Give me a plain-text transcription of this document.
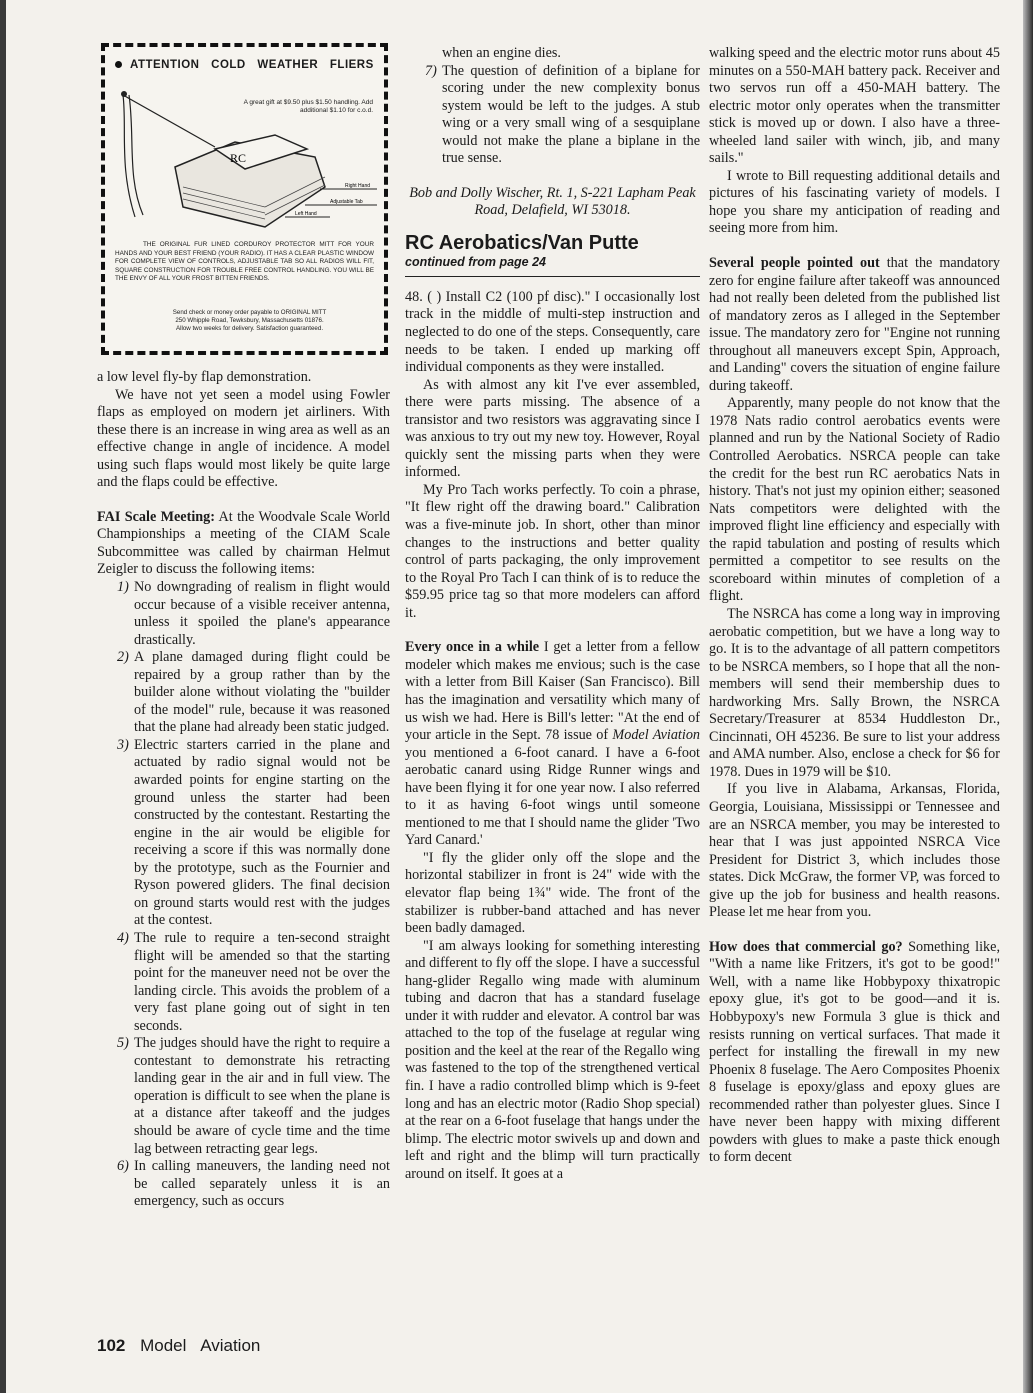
ATTENTION COLD WEATHER FLIERS
A great gift at $9.50 plus $1.50 handling. Add additional $1.10 for c.o.d.
RC
Right Hand
Adjustable Tab
Left Hand
THE ORIGINAL FUR LINED CORDUROY PROTECTOR MITT FOR YOUR HANDS AND YOUR BEST FRIEND (YOUR RADIO). IT HAS A CLEAR PLASTIC WINDOW FOR COMPLETE VIEW OF CONTROLS, ADJUSTABLE TAB SO ALL RADIOS WILL FIT, SQUARE CONSTRUCTION FOR TROUBLE FREE CONTROL HANDLING. YOU WILL BE THE ENVY OF ALL YOUR FROST BITTEN FRIENDS.
Send check or money order payable to ORIGINAL MITT
250 Whipple Road, Tewksbury, Massachusetts 01876.
Allow two weeks for delivery. Satisfaction guaranteed.

a low level fly-by flap demonstration.

We have not yet seen a model using Fowler flaps as employed on modern jet airliners. With these there is an increase in wing area as well as an effective change in angle of incidence. A model using such flaps would most likely be quite large and the flaps could be effective.

FAI Scale Meeting: At the Woodvale Scale World Championships a meeting of the CIAM Scale Subcommittee was called by chairman Helmut Zeigler to discuss the following items:

1) No downgrading of realism in flight would occur because of a visible receiver antenna, unless it spoiled the plane's appearance drastically.
2) A plane damaged during flight could be repaired by a group rather than by the builder alone without violating the "builder of the model" rule, because it was reasoned that the plane had already been static judged.
3) Electric starters carried in the plane and actuated by radio signal would not be awarded points for engine starting on the ground unless the starter had been constructed by the contestant. Restarting the engine in the air would be eligible for receiving a score if this was normally done by the prototype, such as the Fournier and Ryson powered gliders. The final decision on ground starts would rest with the judges at the contest.
4) The rule to require a ten-second straight flight will be amended so that the starting point for the maneuver need not be over the landing circle. This avoids the problem of a very fast plane going out of sight in ten seconds.
5) The judges should have the right to require a contestant to demonstrate his retracting landing gear in the air and in full view. The operation is difficult to see when the plane is at a distance after takeoff and the judges should be aware of cycle time and the time lag between retracting gear legs.
6) In calling maneuvers, the landing need not be called separately unless it is an emergency, such as occurs

when an engine dies.

7) The question of definition of a biplane for scoring under the new complexity bonus system would be left to the judges. A stub wing or a very small wing of a sesquiplane would not make the plane a biplane in the true sense.
Bob and Dolly Wischer, Rt. 1, S-221 Lapham Peak Road, Delafield, WI 53018.
RC Aerobatics/Van Putte
continued from page 24

48. ( ) Install C2 (100 pf disc)." I occasionally lost track in the middle of multi-step instruction and neglected to do one of the steps. Consequently, care needs to be taken. I ended up marking off individual components as they were installed.

As with almost any kit I've ever assembled, there were parts missing. The absence of a transistor and two resistors was aggravating since I was anxious to try out my new toy. However, Royal quickly sent the missing parts when they were informed.

My Pro Tach works perfectly. To coin a phrase, "It flew right off the drawing board." Calibration was a five-minute job. In short, other than minor changes to the instructions and better quality control of parts packaging, the only improvement to the Royal Pro Tach I can think of is to reduce the $59.95 price tag so that more modelers can afford it.

Every once in a while I get a letter from a fellow modeler which makes me envious; such is the case with a letter from Bill Kaiser (San Francisco). Bill has the imagination and versatility which many of us wish we had. Here is Bill's letter: "At the end of your article in the Sept. 78 issue of Model Aviation you mentioned a 6-foot canard. I have a 6-foot aerobatic canard using Ridge Runner wings and have been flying it for one year now. I also referred to it as having 6-foot wings until someone mentioned to me that I should name the glider 'Two Yard Canard.'

"I fly the glider only off the slope and the horizontal stabilizer in front is 24" wide with the elevator flap being 1¾" wide. The front of the stabilizer is rubber-band attached and has never been badly damaged.

"I am always looking for something interesting and different to fly off the slope. I have a successful hang-glider Regallo wing made with aluminum tubing and dacron that has a standard fuselage under it with rudder and elevator. A control bar was attached to the top of the fuselage at regular wing position and the keel at the rear of the Regallo wing was fastened to the top of the strengthened vertical fin. I have a radio controlled blimp which is 9-feet long and has an electric motor (Radio Shop special) at the rear on a 6-foot fuselage that hangs under the blimp. The electric motor swivels up and down and left and right and the blimp will turn practically around on itself. It goes at a

walking speed and the electric motor runs about 45 minutes on a 550-MAH battery pack. Receiver and two servos run off a 450-MAH battery. The electric motor only operates when the transmitter stick is moved up or down. I also have a three-wheeled land sailer with winch, jib, and many sails."

I wrote to Bill requesting additional details and pictures of his fascinating variety of models. I hope you share my anticipation of reading and seeing more from him.

Several people pointed out that the mandatory zero for engine failure after takeoff was announced had not really been deleted from the published list of mandatory zeros as I alleged in the September issue. The mandatory zero for "Engine not running throughout all maneuvers except Spin, Approach, and Landing" covers the situation of engine failure during takeoff.

Apparently, many people do not know that the 1978 Nats radio control aerobatics events were planned and run by the National Society of Radio Controlled Aerobatics. NSRCA people can take the credit for the best run RC aerobatics Nats in history. That's not just my opinion either; seasoned Nats competitors were delighted with the improved flight line efficiency and especially with the rapid tabulation and posting of results which permitted a competitor to see results on the scoreboard within minutes of completion of a flight.

The NSRCA has come a long way in improving aerobatic competition, but we have a long way to go. It is to the advantage of all pattern competitors to be NSRCA members, so I hope that all the non-members will send their membership dues to hardworking Mrs. Sally Brown, the NSRCA Secretary/Treasurer at 8534 Huddleston Dr., Cincinnati, OH 45236. Be sure to list your address and AMA number. Also, enclose a check for $6 for 1978. Dues in 1979 will be $10.

If you live in Alabama, Arkansas, Florida, Georgia, Louisiana, Mississippi or Tennessee and are an NSRCA member, you may be interested to hear that I was just appointed NSRCA Vice President for District 3, which includes those states. Dick McGraw, the former VP, was forced to give up the job for business and health reasons. Please let me hear from you.

How does that commercial go? Something like, "With a name like Fritzers, it's got to be good!" Well, with a name like Hobbypoxy thixatropic epoxy glue, it's got to be good—and it is. Hobbypoxy's new Formula 3 glue is thick and resists running on vertical surfaces. That made it perfect for installing the firewall in my new Phoenix 8 fuselage. The Aero Composites Phoenix 8 fuselage is epoxy/glass and epoxy glues are recommended rather than polyester glues. Since I have never been happy with mixing different powders with glues to make a paste thick enough to form decent

102 Model Aviation
